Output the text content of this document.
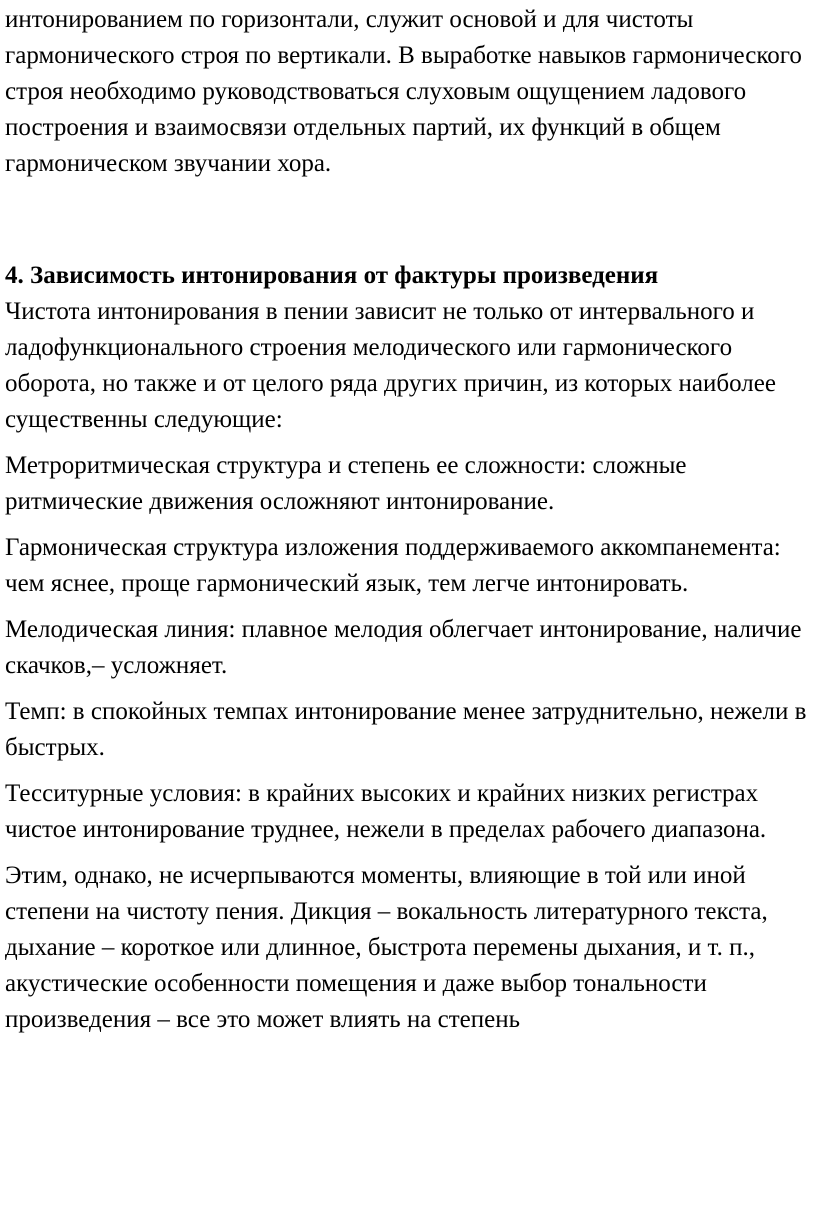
интонированием по горизонтали, служит основой и для чистоты гармонического строя по вертикали. В выработке навыков гармонического строя необходимо руководствоваться слуховым ощущением ладового построения и взаимосвязи отдельных партий, их функций в общем гармоническом звучании хора.

4. Зависимость интонирования от фактуры произведения
Чистота интонирования в пении зависит не только от интервального и ладофункционального строения мелодического или гармонического оборота, но также и от целого ряда других причин, из которых наиболее существенны следующие:

Метроритмическая структура и степень ее сложности: сложные ритмические движения осложняют интонирование.

Гармоническая структура изложения поддерживаемого аккомпанемента: чем яснее, проще гармонический язык, тем легче интонировать.

Мелодическая линия: плавное мелодия облегчает интонирование, наличие скачков,– усложняет.

Темп: в спокойных темпах интонирование менее затруднительно, нежели в быстрых.

Тесситурные условия: в крайних высоких и крайних низких регистрах чистое интонирование труднее, нежели в пределах рабочего диапазона.

Этим, однако, не исчерпываются моменты, влияющие в той или иной степени на чистоту пения. Дикция – вокальность литературного текста, дыхание – короткое или длинное, быстрота перемены дыхания, и т. п., акустические особенности помещения и даже выбор тональности произведения – все это может влиять на степень
